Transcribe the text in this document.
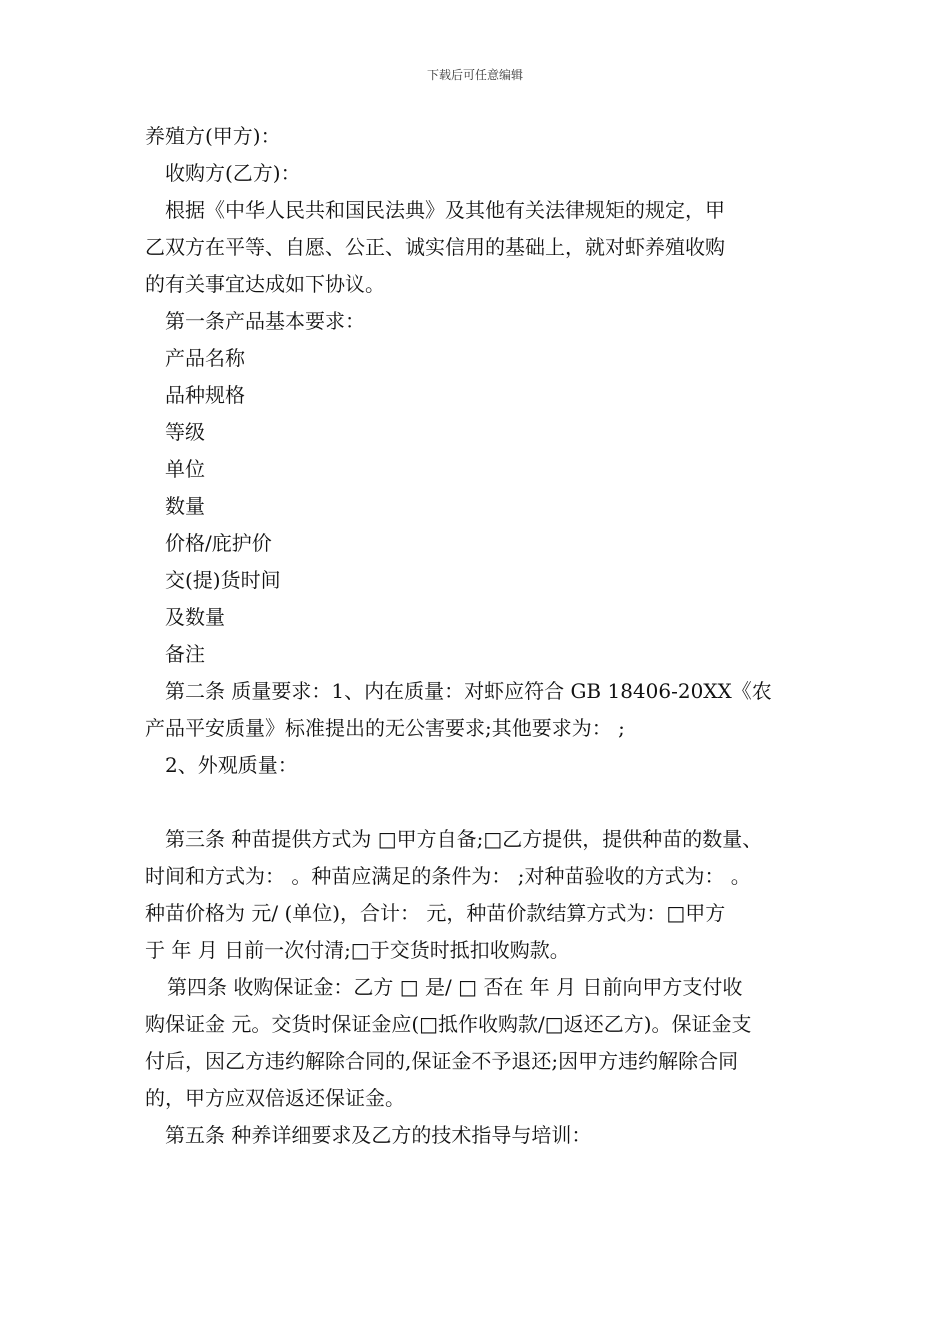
下载后可任意编辑

养殖方(甲方)：

收购方(乙方)：

根据《中华人民共和国民法典》及其他有关法律规矩的规定，甲

乙双方在平等、自愿、公正、诚实信用的基础上，就对虾养殖收购

的有关事宜达成如下协议。

第一条产品基本要求：

产品名称

品种规格

等级

单位

数量

价格/庇护价

交(提)货时间

及数量

备注

第二条 质量要求：1、内在质量：对虾应符合 GB 18406-20XX《农

产品平安质量》标准提出的无公害要求;其他要求为： ;

2、外观质量：

第三条 种苗提供方式为 □甲方自备;□乙方提供，提供种苗的数量、

时间和方式为： 。种苗应满足的条件为： ;对种苗验收的方式为： 。

种苗价格为 元/ (单位)，合计： 元，种苗价款结算方式为：□甲方

于 年 月 日前一次付清;□于交货时抵扣收购款。

第四条 收购保证金：乙方 □ 是/ □ 否在 年 月 日前向甲方支付收

购保证金 元。交货时保证金应(□抵作收购款/□返还乙方)。保证金支

付后，因乙方违约解除合同的,保证金不予退还;因甲方违约解除合同

的，甲方应双倍返还保证金。

第五条 种养详细要求及乙方的技术指导与培训：
